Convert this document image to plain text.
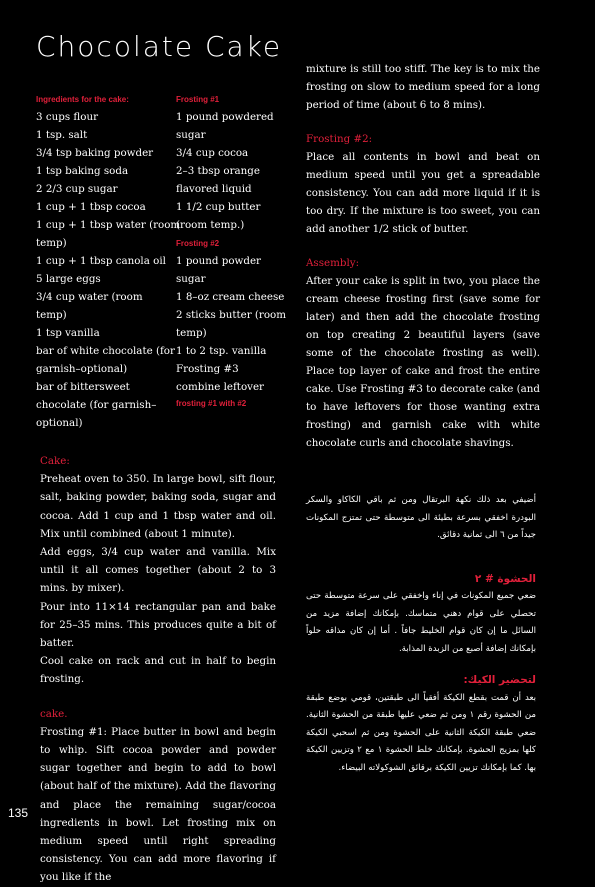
Chocolate Cake
Ingredients for the cake:
3 cups flour
1 tsp. salt
3/4 tsp baking powder
1 tsp baking soda
2 2/3 cup sugar
1 cup + 1 tbsp cocoa
1 cup + 1 tbsp water (room
temp)
1 cup + 1 tbsp canola oil
5 large eggs
3/4 cup water (room
temp)
1 tsp vanilla
bar of white chocolate (for
garnish–optional)
bar of bittersweet
chocolate (for garnish–
optional)
Frosting #1
1 pound powdered
sugar
3/4 cup cocoa
2–3 tbsp orange
flavored liquid
1 1/2 cup butter
(room temp.)
Frosting #2
1 pound powder
sugar
1 8–oz cream cheese
2 sticks butter (room
temp)
1 to 2 tsp. vanilla
Frosting #3
combine leftover
frosting #1 with #2
Cake:
Preheat oven to 350. In large bowl, sift flour, salt, baking powder, baking soda, sugar and cocoa. Add 1 cup and 1 tbsp water and oil. Mix until combined (about 1 minute).
Add eggs, 3/4 cup water and vanilla. Mix until it all comes together (about 2 to 3 mins. by mixer).
Pour into 11×14 rectangular pan and bake for 25–35 mins. This produces quite a bit of batter.
Cool cake on rack and cut in half to begin frosting.
cake.
Frosting #1: Place butter in bowl and begin to whip. Sift cocoa powder and powder sugar together and begin to add to bowl (about half of the mixture). Add the flavoring and place the remaining sugar/cocoa ingredients in bowl. Let frosting mix on medium speed until right spreading consistency. You can add more flavoring if you like if the
mixture is still too stiff. The key is to mix the frosting on slow to medium speed for a long period of time (about 6 to 8 mins).
Frosting #2:
Place all contents in bowl and beat on medium speed until you get a spreadable consistency. You can add more liquid if it is too dry. If the mixture is too sweet, you can add another 1/2 stick of butter.
Assembly:
After your cake is split in two, you place the cream cheese frosting first (save some for later) and then add the chocolate frosting on top creating 2 beautiful layers (save some of the chocolate frosting as well). Place top layer of cake and frost the entire cake. Use Frosting #3 to decorate cake (and to have leftovers for those wanting extra frosting) and garnish cake with white chocolate curls and chocolate shavings.
أضيفي بعد ذلك نكهة البرتقال ومن ثم باقي الكاكاو والسكر البودرة اخفقي بسرعة بطيئة الى متوسطة حتى تمتزج المكونات جيداً من ٦ الى ثمانية دقائق.
الحشوة # ٢
ضعي جميع المكونات في إناء واخفقي على سرعة متوسطة حتى تحصلي على قوام دهني متماسك. بإمكانك إضافة مزيد من السائل ما إن كان قوام الخليط جافاً . أما إن كان مذاقه حلواً بإمكانك إضافة أصبع من الزبدة المذابة.
لتحضير الكيك:
بعد أن قمت بقطع الكيكة أفقياً الى طبقتين، قومي بوضع طبقة من الحشوة رقم ١ ومن ثم ضعي عليها طبقة من الحشوة الثانية. ضعي طبقة الكيكة الثانية على الحشوة ومن ثم اسحبي الكيكة كلها بمزيج الحشوة. بإمكانك خلط الحشوة ١ مع ٢ وتزيين الكيكة بها. كما بإمكانك تزيين الكيكة برقائق الشوكولاته البيضاء.
135
